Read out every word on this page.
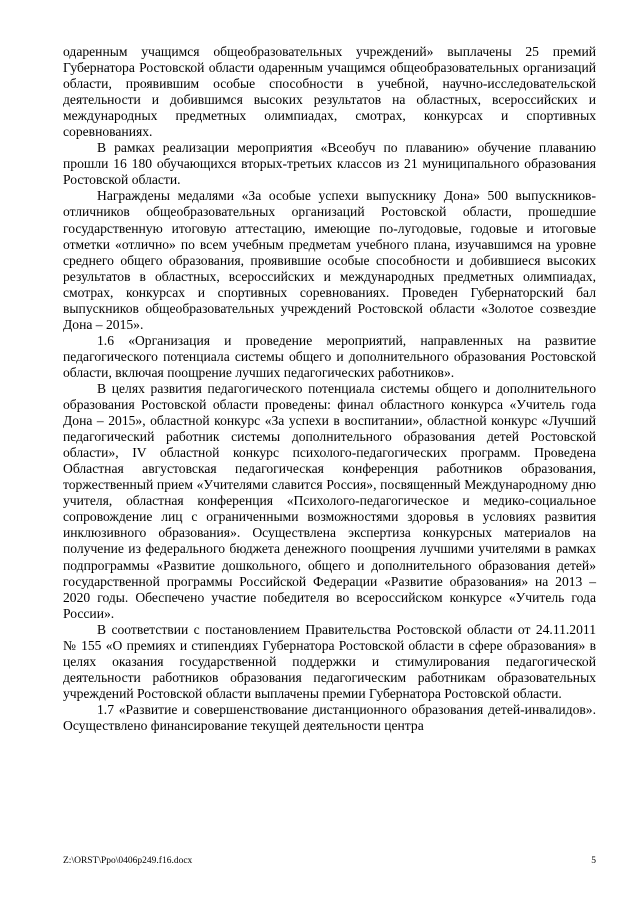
одаренным учащимся общеобразовательных учреждений» выплачены 25 премий Губернатора Ростовской области одаренным учащимся общеобразовательных организаций области, проявившим особые способности в учебной, научно-исследовательской деятельности и добившимся высоких результатов на областных, всероссийских и международных предметных олимпиадах, смотрах, конкурсах и спортивных соревнованиях.

В рамках реализации мероприятия «Всеобуч по плаванию» обучение плаванию прошли 16 180 обучающихся вторых-третьих классов из 21 муниципального образования Ростовской области.

Награждены медалями «За особые успехи выпускнику Дона» 500 выпускников-отличников общеобразовательных организаций Ростовской области, прошедшие государственную итоговую аттестацию, имеющие по-лугодовые, годовые и итоговые отметки «отлично» по всем учебным предметам учебного плана, изучавшимся на уровне среднего общего образования, проявившие особые способности и добившиеся высоких результатов в областных, всероссийских и международных предметных олимпиадах, смотрах, конкурсах и спортивных соревнованиях. Проведен Губернаторский бал выпускников общеобразовательных учреждений Ростовской области «Золотое созвездие Дона – 2015».

1.6 «Организация и проведение мероприятий, направленных на развитие педагогического потенциала системы общего и дополнительного образования Ростовской области, включая поощрение лучших педагогических работников».

В целях развития педагогического потенциала системы общего и дополнительного образования Ростовской области проведены: финал областного конкурса «Учитель года Дона – 2015», областной конкурс «За успехи в воспитании», областной конкурс «Лучший педагогический работник системы дополнительного образования детей Ростовской области», IV областной конкурс психолого-педагогических программ. Проведена Областная августовская педагогическая конференция работников образования, торжественный прием «Учителями славится Россия», посвященный Международному дню учителя, областная конференция «Психолого-педагогическое и медико-социальное сопровождение лиц с ограниченными возможностями здоровья в условиях развития инклюзивного образования». Осуществлена экспертиза конкурсных материалов на получение из федерального бюджета денежного поощрения лучшими учителями в рамках подпрограммы «Развитие дошкольного, общего и дополнительного образования детей» государственной программы Российской Федерации «Развитие образования» на 2013 – 2020 годы. Обеспечено участие победителя во всероссийском конкурсе «Учитель года России».

В соответствии с постановлением Правительства Ростовской области от 24.11.2011 № 155 «О премиях и стипендиях Губернатора Ростовской области в сфере образования» в целях оказания государственной поддержки и стимулирования педагогической деятельности работников образования педагогическим работникам образовательных учреждений Ростовской области выплачены премии Губернатора Ростовской области.

1.7 «Развитие и совершенствование дистанционного образования детей-инвалидов». Осуществлено финансирование текущей деятельности центра

Z:\ORST\Ppo\0406p249.f16.docx	5
